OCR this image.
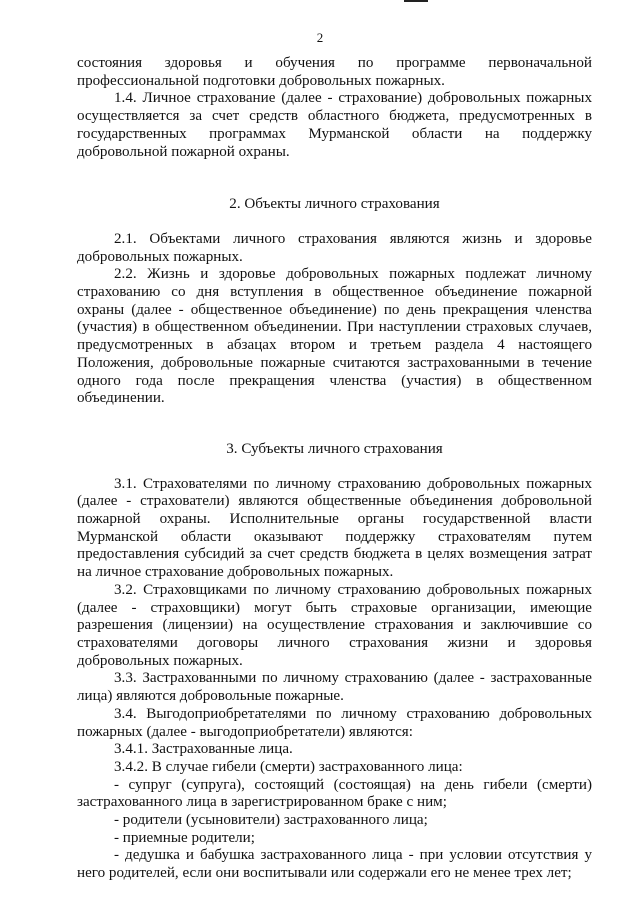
2

состояния здоровья и обучения по программе первоначальной профессиональной подготовки добровольных пожарных.

1.4. Личное страхование (далее - страхование) добровольных пожарных осуществляется за счет средств областного бюджета, предусмотренных в государственных программах Мурманской области на поддержку добровольной пожарной охраны.

2. Объекты личного страхования

2.1. Объектами личного страхования являются жизнь и здоровье добровольных пожарных.

2.2. Жизнь и здоровье добровольных пожарных подлежат личному страхованию со дня вступления в общественное объединение пожарной охраны (далее - общественное объединение) по день прекращения членства (участия) в общественном объединении. При наступлении страховых случаев, предусмотренных в абзацах втором и третьем раздела 4 настоящего Положения, добровольные пожарные считаются застрахованными в течение одного года после прекращения членства (участия) в общественном объединении.

3. Субъекты личного страхования

3.1. Страхователями по личному страхованию добровольных пожарных (далее - страхователи) являются общественные объединения добровольной пожарной охраны. Исполнительные органы государственной власти Мурманской области оказывают поддержку страхователям путем предоставления субсидий за счет средств бюджета в целях возмещения затрат на личное страхование добровольных пожарных.

3.2. Страховщиками по личному страхованию добровольных пожарных (далее - страховщики) могут быть страховые организации, имеющие разрешения (лицензии) на осуществление страхования и заключившие со страхователями договоры личного страхования жизни и здоровья добровольных пожарных.

3.3. Застрахованными по личному страхованию (далее - застрахованные лица) являются добровольные пожарные.

3.4. Выгодоприобретателями по личному страхованию добровольных пожарных (далее - выгодоприобретатели) являются:

3.4.1. Застрахованные лица.

3.4.2. В случае гибели (смерти) застрахованного лица:

- супруг (супруга), состоящий (состоящая) на день гибели (смерти) застрахованного лица в зарегистрированном браке с ним;

- родители (усыновители) застрахованного лица;

- приемные родители;

- дедушка и бабушка застрахованного лица - при условии отсутствия у него родителей, если они воспитывали или содержали его не менее трех лет;
